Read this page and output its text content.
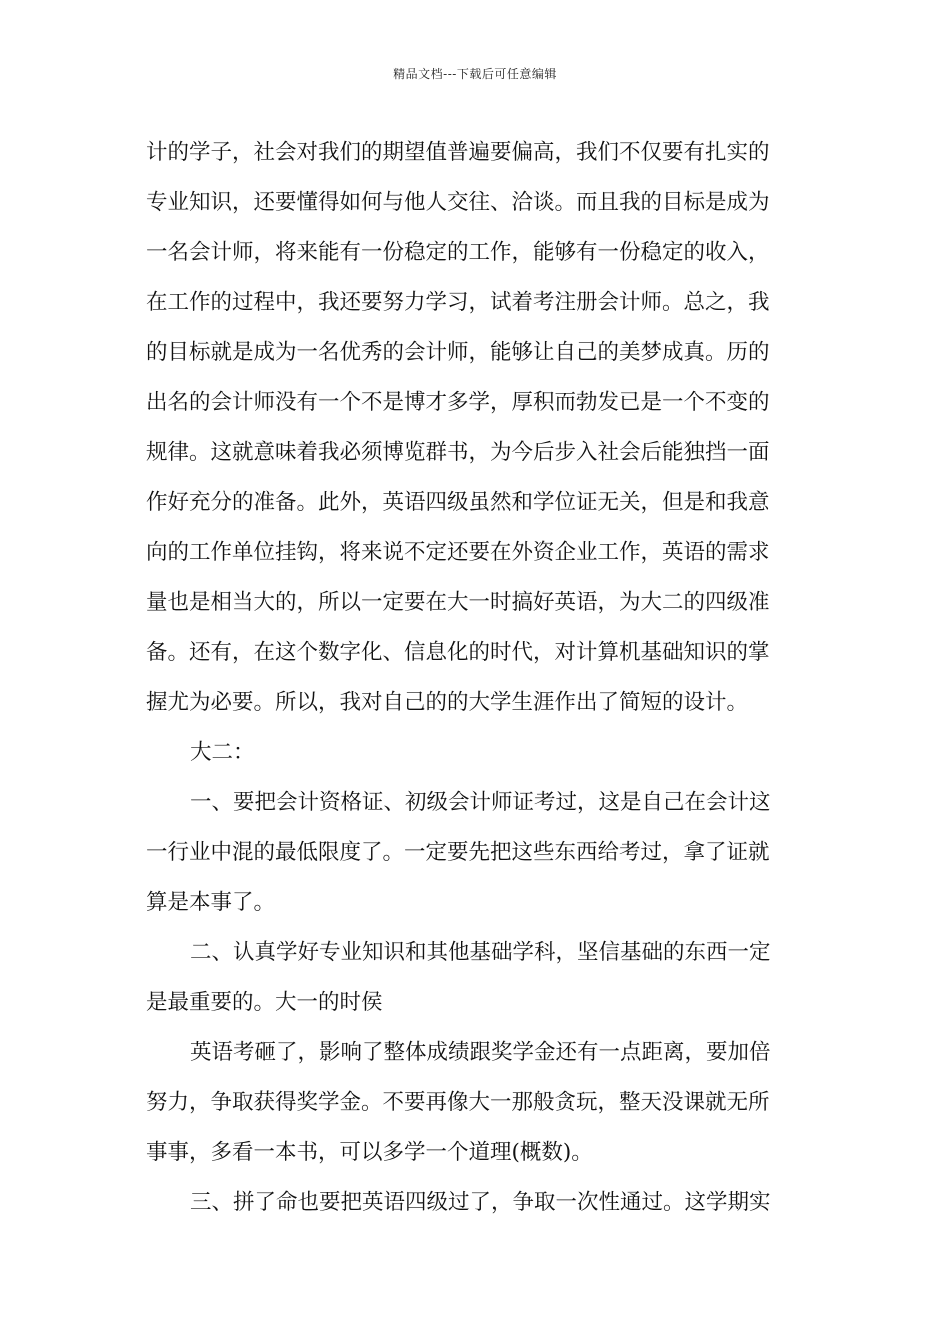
精品文档---下载后可任意编辑
计的学子，社会对我们的期望值普遍要偏高，我们不仅要有扎实的
专业知识，还要懂得如何与他人交往、洽谈。而且我的目标是成为
一名会计师，将来能有一份稳定的工作，能够有一份稳定的收入，
在工作的过程中，我还要努力学习，试着考注册会计师。总之，我
的目标就是成为一名优秀的会计师，能够让自己的美梦成真。历的
出名的会计师没有一个不是博才多学，厚积而勃发已是一个不变的
规律。这就意味着我必须博览群书，为今后步入社会后能独挡一面
作好充分的准备。此外，英语四级虽然和学位证无关，但是和我意
向的工作单位挂钩，将来说不定还要在外资企业工作，英语的需求
量也是相当大的，所以一定要在大一时搞好英语，为大二的四级准
备。还有，在这个数字化、信息化的时代，对计算机基础知识的掌
握尤为必要。所以，我对自己的的大学生涯作出了简短的设计。
大二：
一、要把会计资格证、初级会计师证考过，这是自己在会计这
一行业中混的最低限度了。一定要先把这些东西给考过，拿了证就
算是本事了。
二、认真学好专业知识和其他基础学科，坚信基础的东西一定
是最重要的。大一的时侯
英语考砸了，影响了整体成绩跟奖学金还有一点距离，要加倍
努力，争取获得奖学金。不要再像大一那般贪玩，整天没课就无所
事事，多看一本书，可以多学一个道理(概数)。
三、拼了命也要把英语四级过了，争取一次性通过。这学期实
